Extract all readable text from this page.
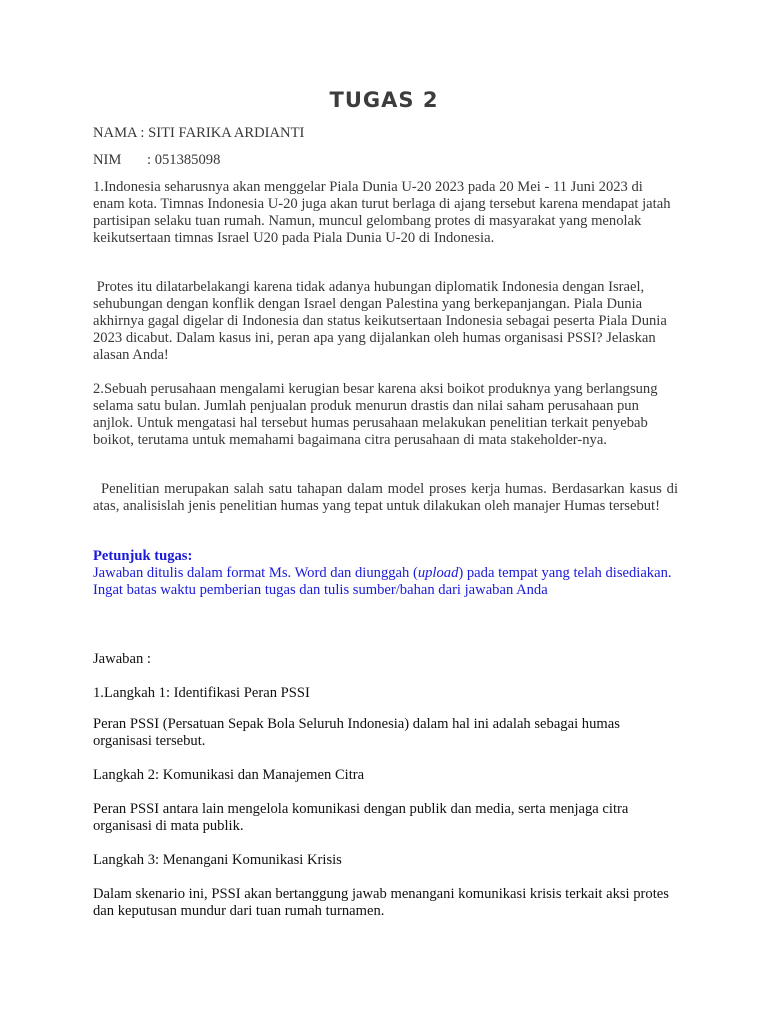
TUGAS 2
NAMA : SITI FARIKA ARDIANTI
NIM : 051385098

1.Indonesia seharusnya akan menggelar Piala Dunia U-20 2023 pada 20 Mei - 11 Juni 2023 di enam kota. Timnas Indonesia U-20 juga akan turut berlaga di ajang tersebut karena mendapat jatah partisipan selaku tuan rumah. Namun, muncul gelombang protes di masyarakat yang menolak keikutsertaan timnas Israel U20 pada Piala Dunia U-20 di Indonesia.

Protes itu dilatarbelakangi karena tidak adanya hubungan diplomatik Indonesia dengan Israel, sehubungan dengan konflik dengan Israel dengan Palestina yang berkepanjangan. Piala Dunia akhirnya gagal digelar di Indonesia dan status keikutsertaan Indonesia sebagai peserta Piala Dunia 2023 dicabut. Dalam kasus ini, peran apa yang dijalankan oleh humas organisasi PSSI? Jelaskan alasan Anda!

2.Sebuah perusahaan mengalami kerugian besar karena aksi boikot produknya yang berlangsung selama satu bulan. Jumlah penjualan produk menurun drastis dan nilai saham perusahaan pun anjlok. Untuk mengatasi hal tersebut humas perusahaan melakukan penelitian terkait penyebab boikot, terutama untuk memahami bagaimana citra perusahaan di mata stakeholder-nya.

Penelitian merupakan salah satu tahapan dalam model proses kerja humas. Berdasarkan kasus di atas, analisislah jenis penelitian humas yang tepat untuk dilakukan oleh manajer Humas tersebut!

Petunjuk tugas:

Jawaban ditulis dalam format Ms. Word dan diunggah (upload) pada tempat yang telah disediakan. Ingat batas waktu pemberian tugas dan tulis sumber/bahan dari jawaban Anda

Jawaban :

1.Langkah 1: Identifikasi Peran PSSI

Peran PSSI (Persatuan Sepak Bola Seluruh Indonesia) dalam hal ini adalah sebagai humas organisasi tersebut.

Langkah 2: Komunikasi dan Manajemen Citra

Peran PSSI antara lain mengelola komunikasi dengan publik dan media, serta menjaga citra organisasi di mata publik.

Langkah 3: Menangani Komunikasi Krisis

Dalam skenario ini, PSSI akan bertanggung jawab menangani komunikasi krisis terkait aksi protes dan keputusan mundur dari tuan rumah turnamen.
